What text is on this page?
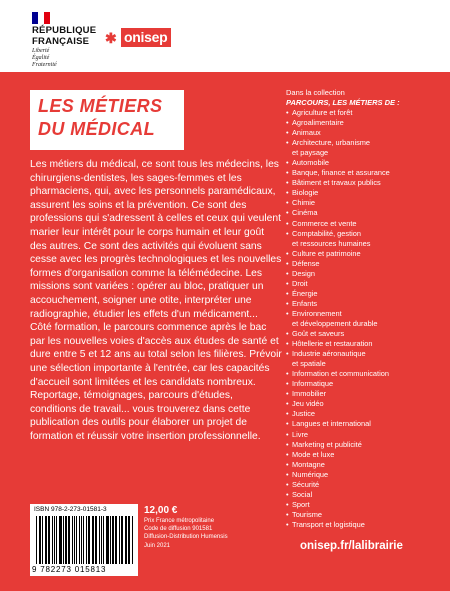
RÉPUBLIQUE
FRANÇAISE
Liberté
Égalité
Fraternité
✱ onisep
LES MÉTIERS
DU MÉDICAL
Les métiers du médical, ce sont tous les médecins, les chirurgiens-dentistes, les sages-femmes et les pharmaciens, qui, avec les personnels paramédicaux, assurent les soins et la prévention. Ce sont des professions qui s'adressent à celles et ceux qui veulent marier leur intérêt pour le corps humain et leur goût des autres. Ce sont des activités qui évoluent sans cesse avec les progrès technologiques et les nouvelles formes d'organisation comme la télémédecine. Les missions sont variées : opérer au bloc, pratiquer un accouchement, soigner une otite, interpréter une radiographie, étudier les effets d'un médicament... Côté formation, le parcours commence après le bac par les nouvelles voies d'accès aux études de santé et dure entre 5 et 12 ans au total selon les filières. Prévoir une sélection importante à l'entrée, car les capacités d'accueil sont limitées et les candidats nombreux. Reportage, témoignages, parcours d'études, conditions de travail... vous trouverez dans cette publication des outils pour élaborer un projet de formation et réussir votre insertion professionnelle.
Dans la collection
PARCOURS, LES MÉTIERS DE :
• Agriculture et forêt
• Agroalimentaire
• Animaux
• Architecture, urbanisme
et paysage
• Automobile
• Banque, finance et assurance
• Bâtiment et travaux publics
• Biologie
• Chimie
• Cinéma
• Commerce et vente
• Comptabilité, gestion
et ressources humaines
• Culture et patrimoine
• Défense
• Design
• Droit
• Énergie
• Enfants
• Environnement
et développement durable
• Goût et saveurs
• Hôtellerie et restauration
• Industrie aéronautique
et spatiale
• Information et communication
• Informatique
• Immobilier
• Jeu vidéo
• Justice
• Langues et international
• Livre
• Marketing et publicité
• Mode et luxe
• Montagne
• Numérique
• Sécurité
• Social
• Sport
• Tourisme
• Transport et logistique
ISBN 978-2-273-01581-3
9 782273 015813
12,00 €
Prix France métropolitaine
Code de diffusion 901581
Diffusion-Distribution Humensis
Juin 2021	onisep.fr/lalibrairie
